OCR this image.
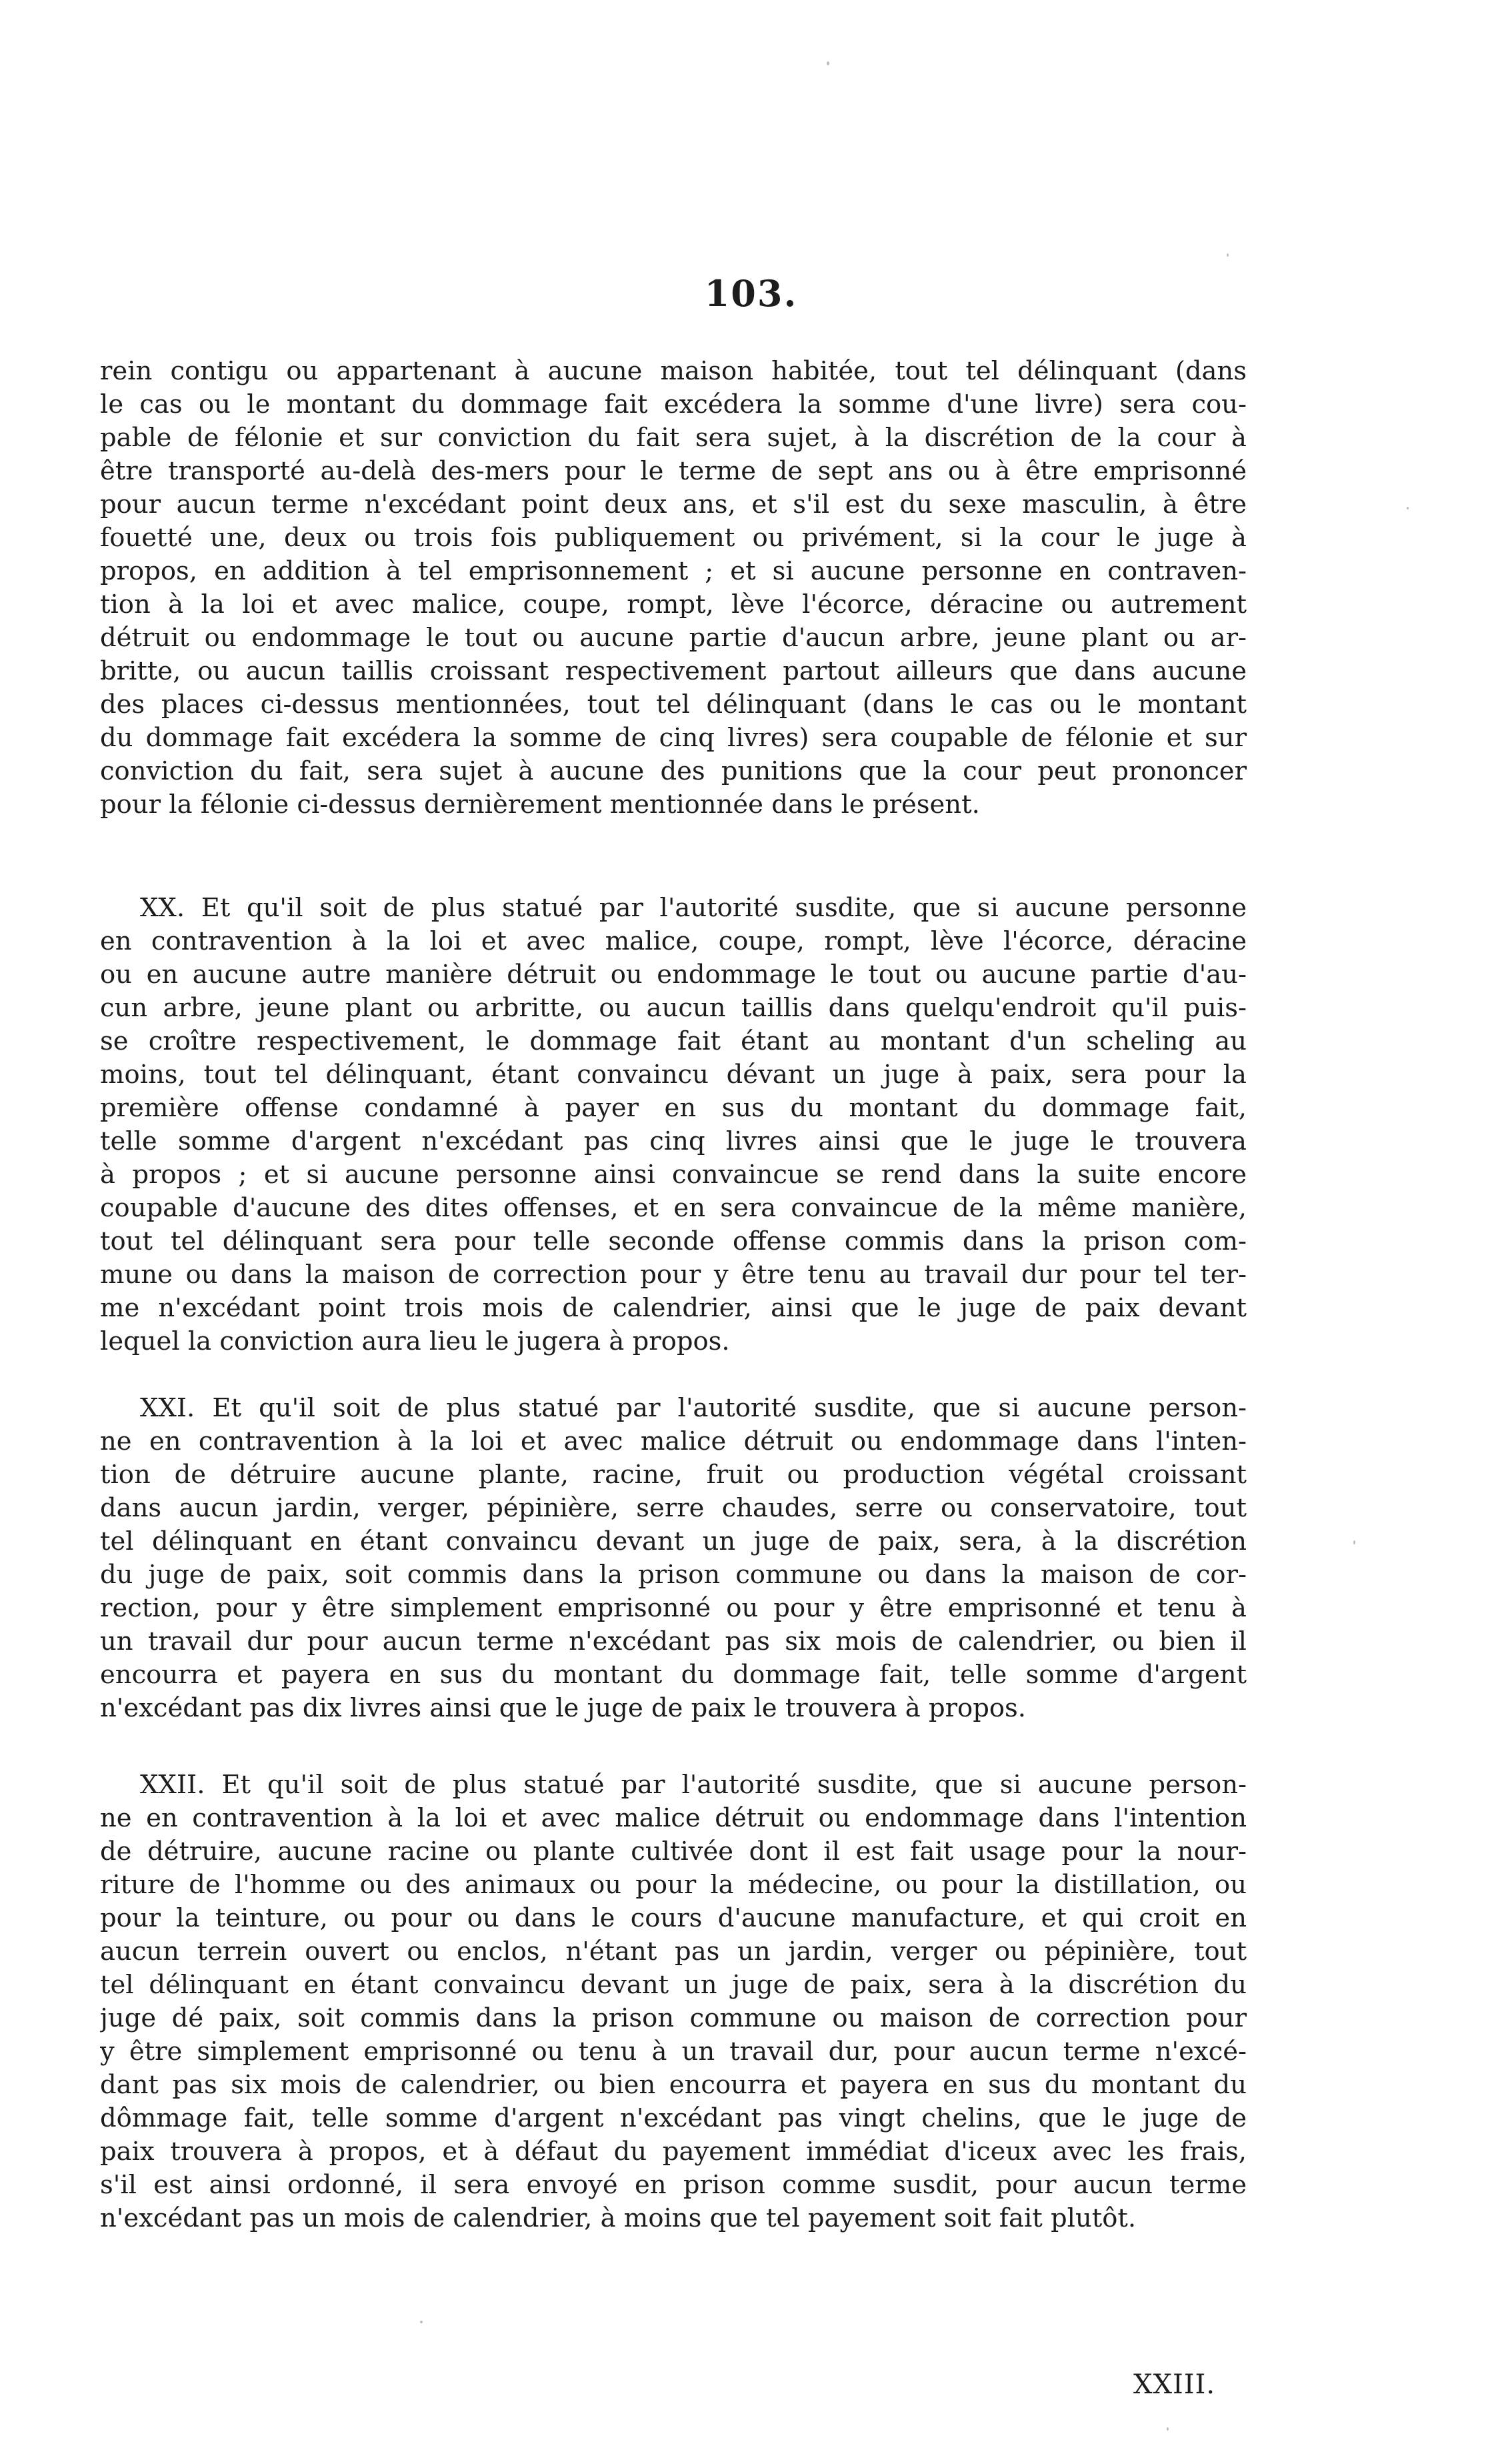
103.
rein contigu ou appartenant à aucune maison habitée, tout tel délinquant (dans
le cas ou le montant du dommage fait excédera la somme d'une livre) sera cou-
pable de félonie et sur conviction du fait sera sujet, à la discrétion de la cour à
être transporté au-delà des-mers pour le terme de sept ans ou à être emprisonné
pour aucun terme n'excédant point deux ans, et s'il est du sexe masculin, à être
fouetté une, deux ou trois fois publiquement ou privément, si la cour le juge à
propos, en addition à tel emprisonnement ; et si aucune personne en contraven-
tion à la loi et avec malice, coupe, rompt, lève l'écorce, déracine ou autrement
détruit ou endommage le tout ou aucune partie d'aucun arbre, jeune plant ou ar-
britte, ou aucun taillis croissant respectivement partout ailleurs que dans aucune
des places ci-dessus mentionnées, tout tel délinquant (dans le cas ou le montant
du dommage fait excédera la somme de cinq livres) sera coupable de félonie et sur
conviction du fait, sera sujet à aucune des punitions que la cour peut prononcer
pour la félonie ci-dessus dernièrement mentionnée dans le présent.
XX. Et qu'il soit de plus statué par l'autorité susdite, que si aucune personne
en contravention à la loi et avec malice, coupe, rompt, lève l'écorce, déracine
ou en aucune autre manière détruit ou endommage le tout ou aucune partie d'au-
cun arbre, jeune plant ou arbritte, ou aucun taillis dans quelqu'endroit qu'il puis-
se croître respectivement, le dommage fait étant au montant d'un scheling au
moins, tout tel délinquant, étant convaincu dévant un juge à paix, sera pour la
première offense condamné à payer en sus du montant du dommage fait,
telle somme d'argent n'excédant pas cinq livres ainsi que le juge le trouvera
à propos ; et si aucune personne ainsi convaincue se rend dans la suite encore
coupable d'aucune des dites offenses, et en sera convaincue de la même manière,
tout tel délinquant sera pour telle seconde offense commis dans la prison com-
mune ou dans la maison de correction pour y être tenu au travail dur pour tel ter-
me n'excédant point trois mois de calendrier, ainsi que le juge de paix devant
lequel la conviction aura lieu le jugera à propos.
XXI. Et qu'il soit de plus statué par l'autorité susdite, que si aucune person-
ne en contravention à la loi et avec malice détruit ou endommage dans l'inten-
tion de détruire aucune plante, racine, fruit ou production végétal croissant
dans aucun jardin, verger, pépinière, serre chaudes, serre ou conservatoire, tout
tel délinquant en étant convaincu devant un juge de paix, sera, à la discrétion
du juge de paix, soit commis dans la prison commune ou dans la maison de cor-
rection, pour y être simplement emprisonné ou pour y être emprisonné et tenu à
un travail dur pour aucun terme n'excédant pas six mois de calendrier, ou bien il
encourra et payera en sus du montant du dommage fait, telle somme d'argent
n'excédant pas dix livres ainsi que le juge de paix le trouvera à propos.
XXII. Et qu'il soit de plus statué par l'autorité susdite, que si aucune person-
ne en contravention à la loi et avec malice détruit ou endommage dans l'intention
de détruire, aucune racine ou plante cultivée dont il est fait usage pour la nour-
riture de l'homme ou des animaux ou pour la médecine, ou pour la distillation, ou
pour la teinture, ou pour ou dans le cours d'aucune manufacture, et qui croit en
aucun terrein ouvert ou enclos, n'étant pas un jardin, verger ou pépinière, tout
tel délinquant en étant convaincu devant un juge de paix, sera à la discrétion du
juge dé paix, soit commis dans la prison commune ou maison de correction pour
y être simplement emprisonné ou tenu à un travail dur, pour aucun terme n'excé-
dant pas six mois de calendrier, ou bien encourra et payera en sus du montant du
dômmage fait, telle somme d'argent n'excédant pas vingt chelins, que le juge de
paix trouvera à propos, et à défaut du payement immédiat d'iceux avec les frais,
s'il est ainsi ordonné, il sera envoyé en prison comme susdit, pour aucun terme
n'excédant pas un mois de calendrier, à moins que tel payement soit fait plutôt.
XXIII.
